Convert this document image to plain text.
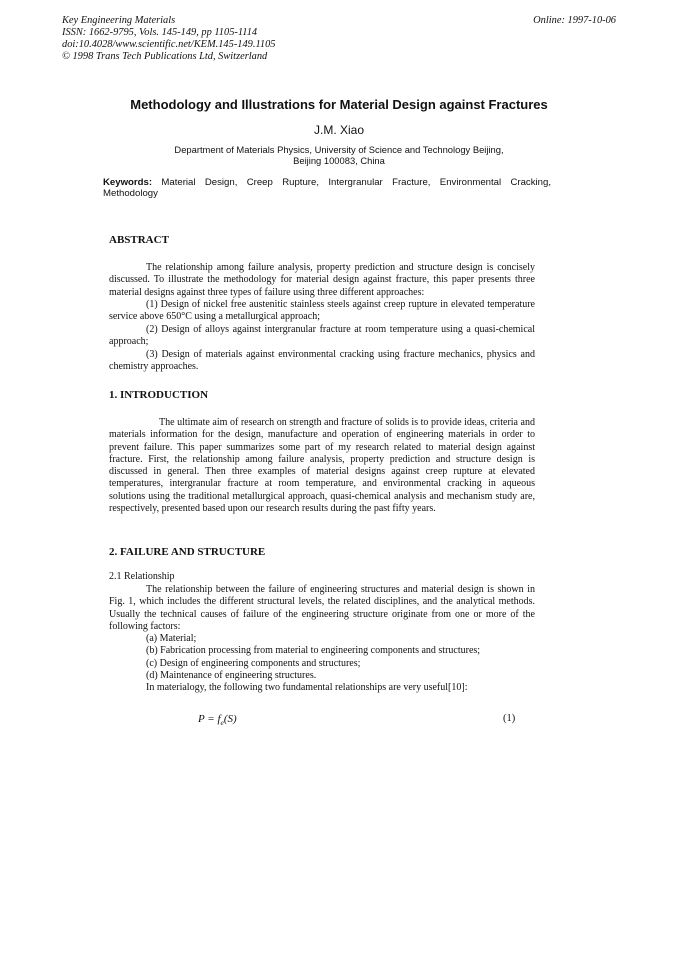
Key Engineering Materials
ISSN: 1662-9795, Vols. 145-149, pp 1105-1114
doi:10.4028/www.scientific.net/KEM.145-149.1105
© 1998 Trans Tech Publications Ltd, Switzerland
Online: 1997-10-06
Methodology and Illustrations for Material Design against Fractures
J.M. Xiao
Department of Materials Physics, University of Science and Technology Beijing,
Beijing 100083, China
Keywords: Material Design, Creep Rupture, Intergranular Fracture, Environmental Cracking, Methodology
ABSTRACT

The relationship among failure analysis, property prediction and structure design is concisely discussed. To illustrate the methodology for material design against fracture, this paper presents three material designs against three types of failure using three different approaches:

(1) Design of nickel free austenitic stainless steels against creep rupture in elevated temperature service above 650°C using a metallurgical approach;

(2) Design of alloys against intergranular fracture at room temperature using a quasi-chemical approach;

(3) Design of materials against environmental cracking using fracture mechanics, physics and chemistry approaches.

1. INTRODUCTION

The ultimate aim of research on strength and fracture of solids is to provide ideas, criteria and materials information for the design, manufacture and operation of engineering materials in order to prevent failure. This paper summarizes some part of my research related to material design against fracture. First, the relationship among failure analysis, property prediction and structure design is discussed in general. Then three examples of material designs against creep rupture at elevated temperatures, intergranular fracture at room temperature, and environmental cracking in aqueous solutions using the traditional metallurgical approach, quasi-chemical analysis and mechanism study are, respectively, presented based upon our research results during the past fifty years.

2. FAILURE AND STRUCTURE
2.1 Relationship

The relationship between the failure of engineering structures and material design is shown in Fig. 1, which includes the different structural levels, the related disciplines, and the analytical methods. Usually the technical causes of failure of the engineering structure originate from one or more of the following factors:

(a) Material;
(b) Fabrication processing from material to engineering components and structures;
(c) Design of engineering components and structures;
(d) Maintenance of engineering structures.
In materialogy, the following two fundamental relationships are very useful[10]:
$P = f_e(S)$	(1)
